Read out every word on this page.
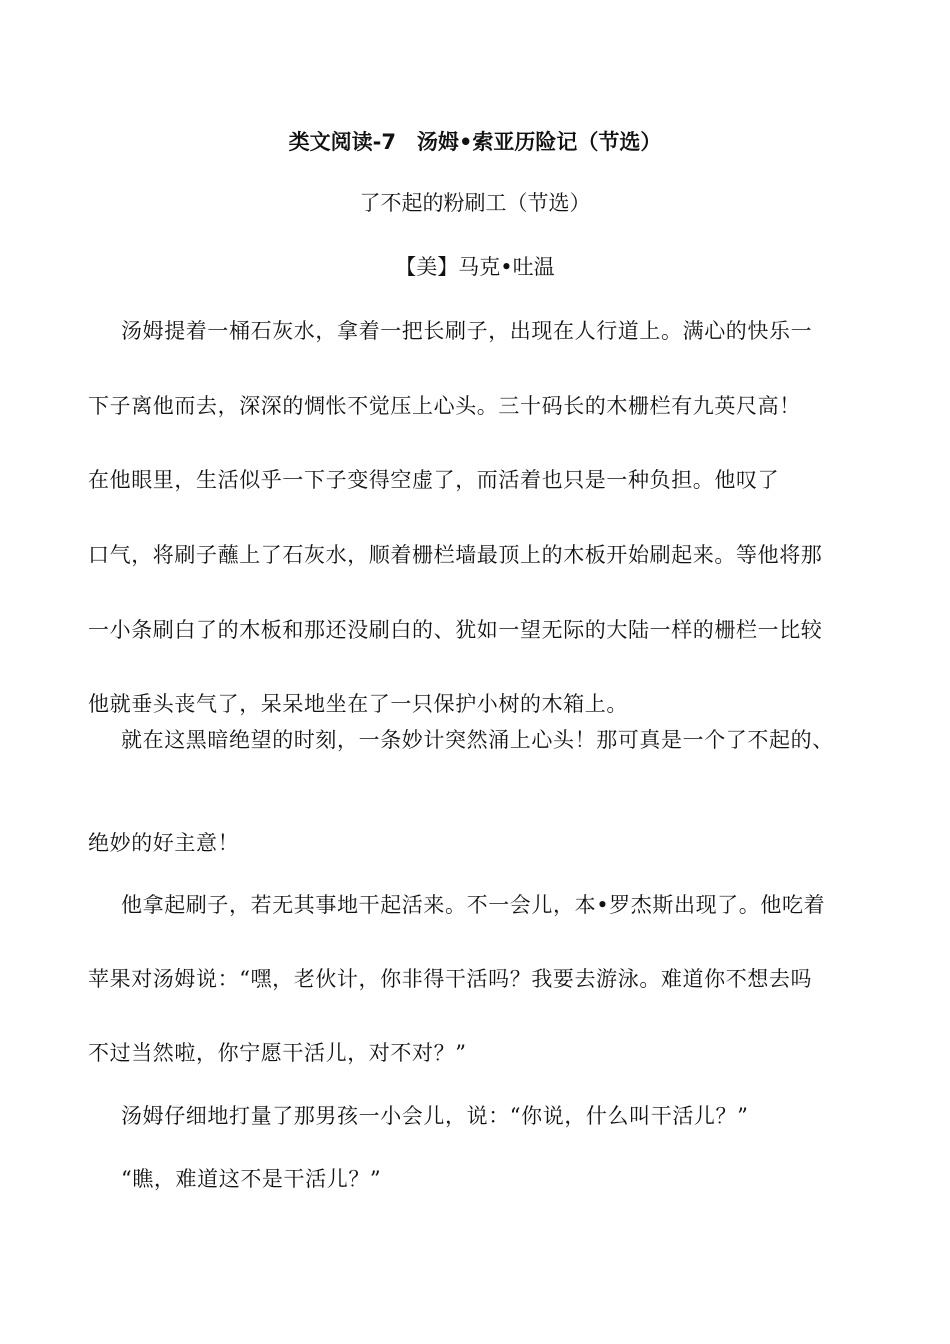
类文阅读-7　汤姆•索亚历险记（节选）
了不起的粉刷工（节选）
【美】马克•吐温
汤姆提着一桶石灰水，拿着一把长刷子，出现在人行道上。满心的快乐一
下子离他而去，深深的惆怅不觉压上心头。三十码长的木栅栏有九英尺高！
在他眼里，生活似乎一下子变得空虚了，而活着也只是一种负担。他叹了
口气，将刷子蘸上了石灰水，顺着栅栏墙最顶上的木板开始刷起来。等他将那
一小条刷白了的木板和那还没刷白的、犹如一望无际的大陆一样的栅栏一比较
他就垂头丧气了，呆呆地坐在了一只保护小树的木箱上。
就在这黑暗绝望的时刻，一条妙计突然涌上心头！那可真是一个了不起的、
绝妙的好主意！
他拿起刷子，若无其事地干起活来。不一会儿，本•罗杰斯出现了。他吃着
苹果对汤姆说：“嘿，老伙计，你非得干活吗？我要去游泳。难道你不想去吗
不过当然啦，你宁愿干活儿，对不对？”
汤姆仔细地打量了那男孩一小会儿，说：“你说，什么叫干活儿？”
“瞧，难道这不是干活儿？”
